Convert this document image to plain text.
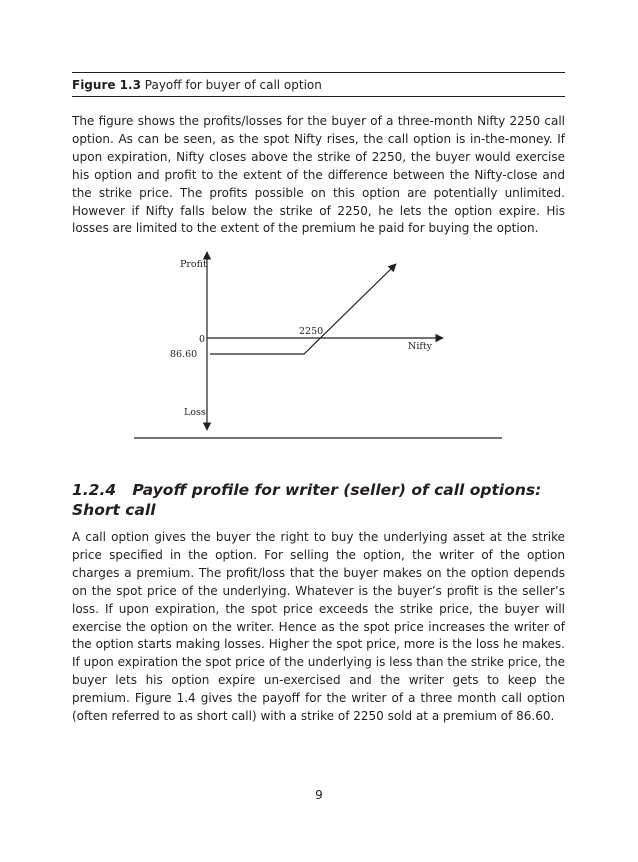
Figure 1.3 Payoff for buyer of call option
The figure shows the profits/losses for the buyer of a three-month Nifty 2250 call option. As can be seen, as the spot Nifty rises, the call option is in-the-money. If upon expiration, Nifty closes above the strike of 2250, the buyer would exercise his option and profit to the extent of the difference between the Nifty-close and the strike price. The profits possible on this option are potentially unlimited. However if Nifty falls below the strike of 2250, he lets the option expire. His losses are limited to the extent of the premium he paid for buying the option.
Profit
Loss
0
86.60
2250
Nifty
1.2.4 Payoff profile for writer (seller) of call options: Short call
A call option gives the buyer the right to buy the underlying asset at the strike price specified in the option. For selling the option, the writer of the option charges a premium. The profit/loss that the buyer makes on the option depends on the spot price of the underlying. Whatever is the buyer’s profit is the seller’s loss. If upon expiration, the spot price exceeds the strike price, the buyer will exercise the option on the writer. Hence as the spot price increases the writer of the option starts making losses. Higher the spot price, more is the loss he makes. If upon expiration the spot price of the underlying is less than the strike price, the buyer lets his option expire un-exercised and the writer gets to keep the premium. Figure 1.4 gives the payoff for the writer of a three month call option (often referred to as short call) with a strike of 2250 sold at a premium of 86.60.
9
